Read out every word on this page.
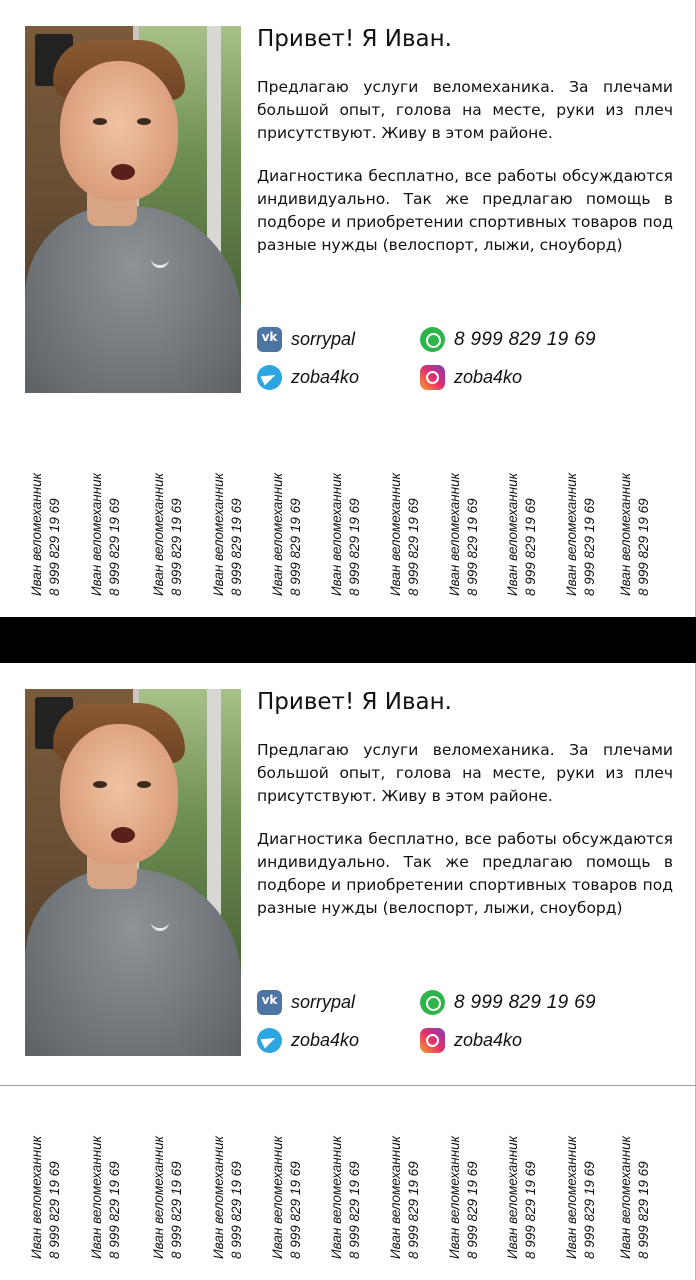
Привет! Я Иван.
Предлагаю услуги веломеханика. За плечами большой опыт, голова на месте, руки из плеч присутствуют. Живу в этом районе.
Диагностика бесплатно, все работы обсуждаются индивидуально. Так же предлагаю помощь в подборе и приобретении спортивных товаров под разные нужды (велоспорт, лыжи, сноуборд)
vk
sorrypal
zoba4ko
8 999 829 19 69
zoba4ko
Иван веломеханник 8 999 829 19 69 Иван веломеханник 8 999 829 19 69 Иван веломеханник 8 999 829 19 69 Иван веломеханник 8 999 829 19 69 Иван веломеханник 8 999 829 19 69 Иван веломеханник 8 999 829 19 69 Иван веломеханник 8 999 829 19 69 Иван веломеханник 8 999 829 19 69 Иван веломеханник 8 999 829 19 69 Иван веломеханник 8 999 829 19 69 Иван веломеханник 8 999 829 19 69
Привет! Я Иван.
Предлагаю услуги веломеханика. За плечами большой опыт, голова на месте, руки из плеч присутствуют. Живу в этом районе.
Диагностика бесплатно, все работы обсуждаются индивидуально. Так же предлагаю помощь в подборе и приобретении спортивных товаров под разные нужды (велоспорт, лыжи, сноуборд)
vk
sorrypal
zoba4ko
8 999 829 19 69
zoba4ko
Иван веломеханник 8 999 829 19 69 Иван веломеханник 8 999 829 19 69 Иван веломеханник 8 999 829 19 69 Иван веломеханник 8 999 829 19 69 Иван веломеханник 8 999 829 19 69 Иван веломеханник 8 999 829 19 69 Иван веломеханник 8 999 829 19 69 Иван веломеханник 8 999 829 19 69 Иван веломеханник 8 999 829 19 69 Иван веломеханник 8 999 829 19 69 Иван веломеханник 8 999 829 19 69
